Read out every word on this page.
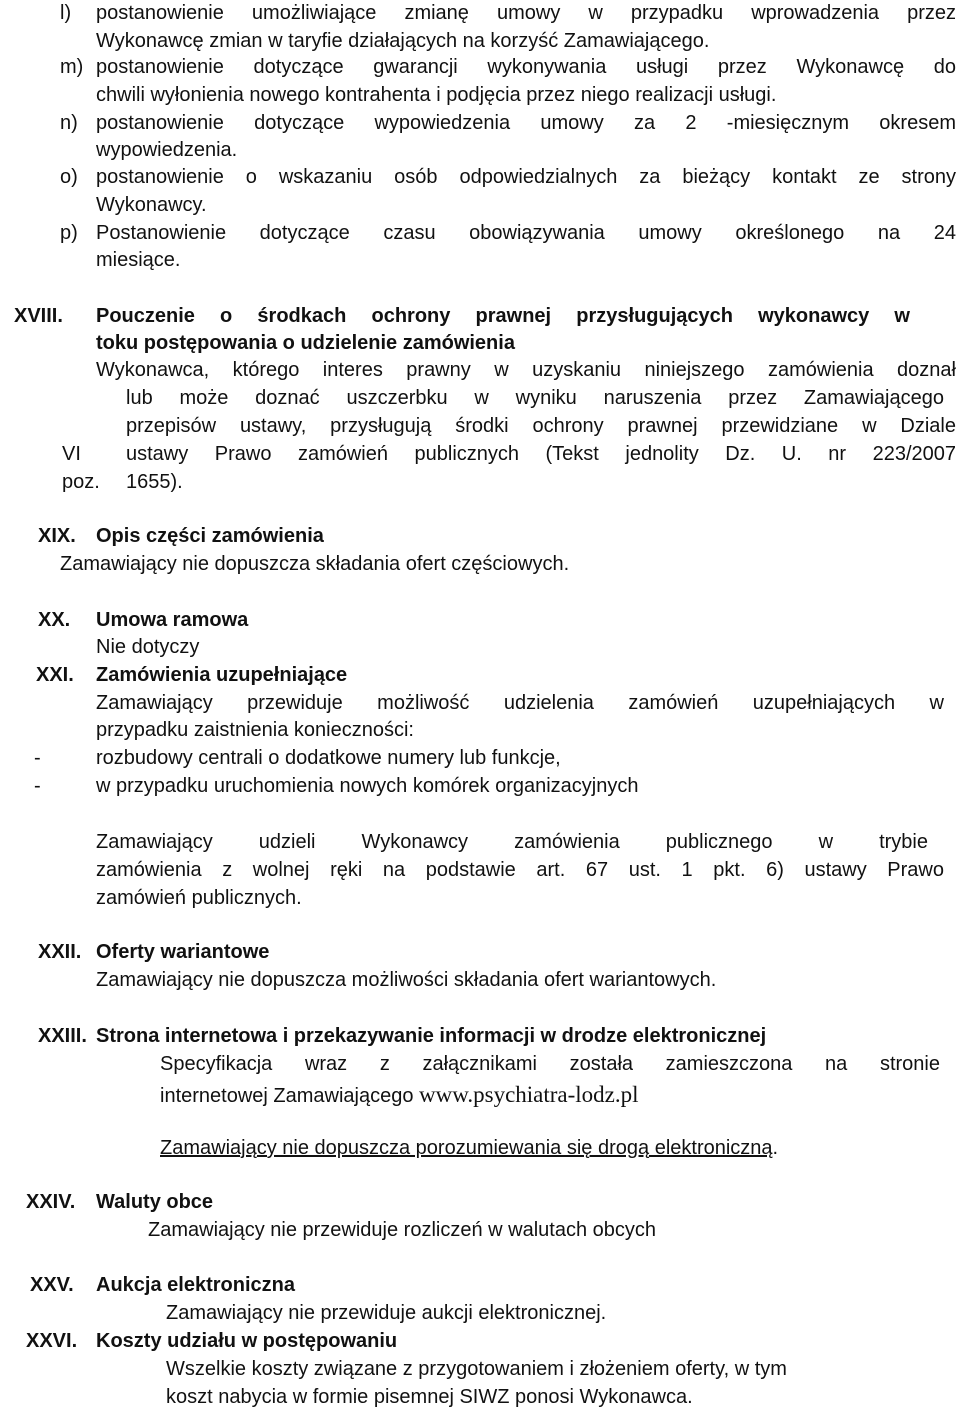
l) postanowienie umożliwiające zmianę umowy w przypadku wprowadzenia przez
Wykonawcę zmian w taryfie działających na korzyść Zamawiającego.
m) postanowienie dotyczące gwarancji wykonywania usługi przez Wykonawcę do
chwili wyłonienia nowego kontrahenta i podjęcia przez niego realizacji usługi.
n) postanowienie dotyczące wypowiedzenia umowy za 2 -miesięcznym okresem
wypowiedzenia.
o) postanowienie o wskazaniu osób odpowiedzialnych za bieżący kontakt ze strony
Wykonawcy.
p) Postanowienie dotyczące czasu obowiązywania umowy określonego na 24
miesiące.
XVIII. Pouczenie o środkach ochrony prawnej przysługujących wykonawcy w
toku postępowania o udzielenie zamówienia
Wykonawca, którego interes prawny w uzyskaniu niniejszego zamówienia doznał
lub może doznać uszczerbku w wyniku naruszenia przez Zamawiającego
przepisów ustawy, przysługują środki ochrony prawnej przewidziane w Dziale
VI ustawy Prawo zamówień publicznych (Tekst jednolity Dz. U. nr 223/2007
poz. 1655).
XIX. Opis części zamówienia
Zamawiający nie dopuszcza składania ofert częściowych.
XX. Umowa ramowa
Nie dotyczy
XXI. Zamówienia uzupełniające
Zamawiający przewiduje możliwość udzielenia zamówień uzupełniających w
przypadku zaistnienia konieczności:
-	rozbudowy centrali o dodatkowe numery lub funkcje,
-	w przypadku uruchomienia nowych komórek organizacyjnych
Zamawiający udzieli Wykonawcy zamówienia publicznego w trybie
zamówienia z wolnej ręki na podstawie art. 67 ust. 1 pkt. 6) ustawy Prawo
zamówień publicznych.
XXII. Oferty wariantowe
Zamawiający nie dopuszcza możliwości składania ofert wariantowych.
XXIII. Strona internetowa i przekazywanie informacji w drodze elektronicznej
Specyfikacja wraz z załącznikami została zamieszczona na stronie
internetowej Zamawiającego www.psychiatra-lodz.pl
Zamawiający nie dopuszcza porozumiewania się drogą elektroniczną.
XXIV. Waluty obce
Zamawiający nie przewiduje rozliczeń w walutach obcych
XXV. Aukcja elektroniczna
Zamawiający nie przewiduje aukcji elektronicznej.
XXVI. Koszty udziału w postępowaniu
Wszelkie koszty związane z przygotowaniem i złożeniem oferty, w tym
koszt nabycia w formie pisemnej SIWZ ponosi Wykonawca.
